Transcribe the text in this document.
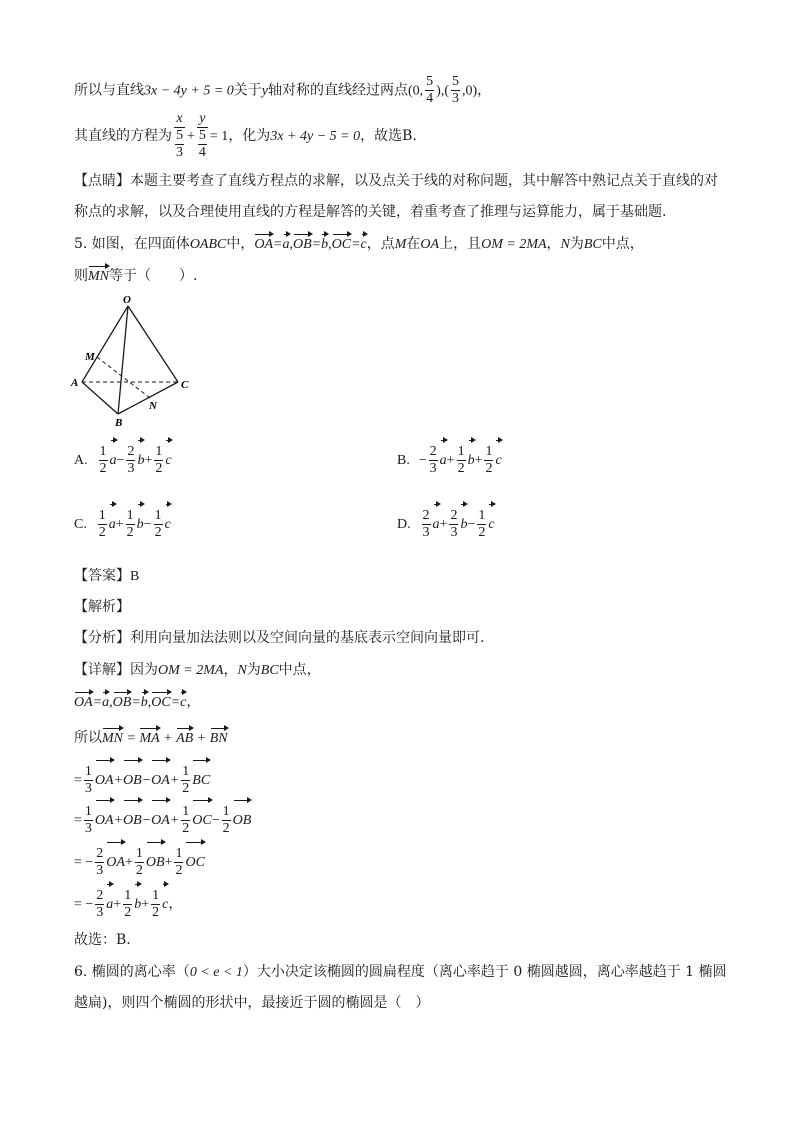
所以与直线3x − 4y + 5 = 0关于y轴对称的直线经过两点(0, $\frac{5}{4}$ ),( $\frac{5}{3} ,0$)，
其直线的方程为 $\frac{x}{\frac{5}{3}} + \frac{y}{\frac{5}{4}} = 1$，化为3x + 4y − 5 = 0，故选B.
【点睛】本题主要考查了直线方程点的求解，以及点关于线的对称问题，其中解答中熟记点关于直线的对
称点的求解，以及合理使用直线的方程是解答的关键，着重考查了推理与运算能力，属于基础题.
5. 如图，在四面体OABC中，OA=a,OB=b,OC=c，点M在OA上，且OM = 2MA，N为BC中点，
则MN等于（　　）.
O
M
A	C
N
B
A. $\frac{1}{2} a- \frac{2}{3} b+ \frac{1}{2}$ c	B. − $\frac{2}{3} a+ \frac{1}{2} b+ \frac{1}{2}$ c
C. $\frac{1}{2} a+ \frac{1}{2} b- \frac{1}{2}$ c	D. $\frac{2}{3} a+ \frac{2}{3} b- \frac{1}{2}$ c
【答案】B
【解析】
【分析】利用向量加法法则以及空间向量的基底表示空间向量即可.
【详解】因为OM = 2MA，N为BC中点，
OA=a,OB=b,OC=c，
所以MN = MA + AB + BN
= $\frac{1}{3} OA+OB-OA+ \frac{1}{2}$ BC
= $\frac{1}{3} OA+OB-OA+ \frac{1}{2} OC- \frac{1}{2}$ OB
= − $\frac{2}{3} OA+ \frac{1}{2} OB+ \frac{1}{2}$ OC
= − $\frac{2}{3} a+ \frac{1}{2} b+ \frac{1}{2}$ c，
故选：B.
6. 椭圆的离心率（0 < e < 1）大小决定该椭圆的圆扁程度（离心率趋于 0 椭圆越圆，离心率越趋于 1 椭圆
越扁)，则四个椭圆的形状中，最接近于圆的椭圆是（　）
